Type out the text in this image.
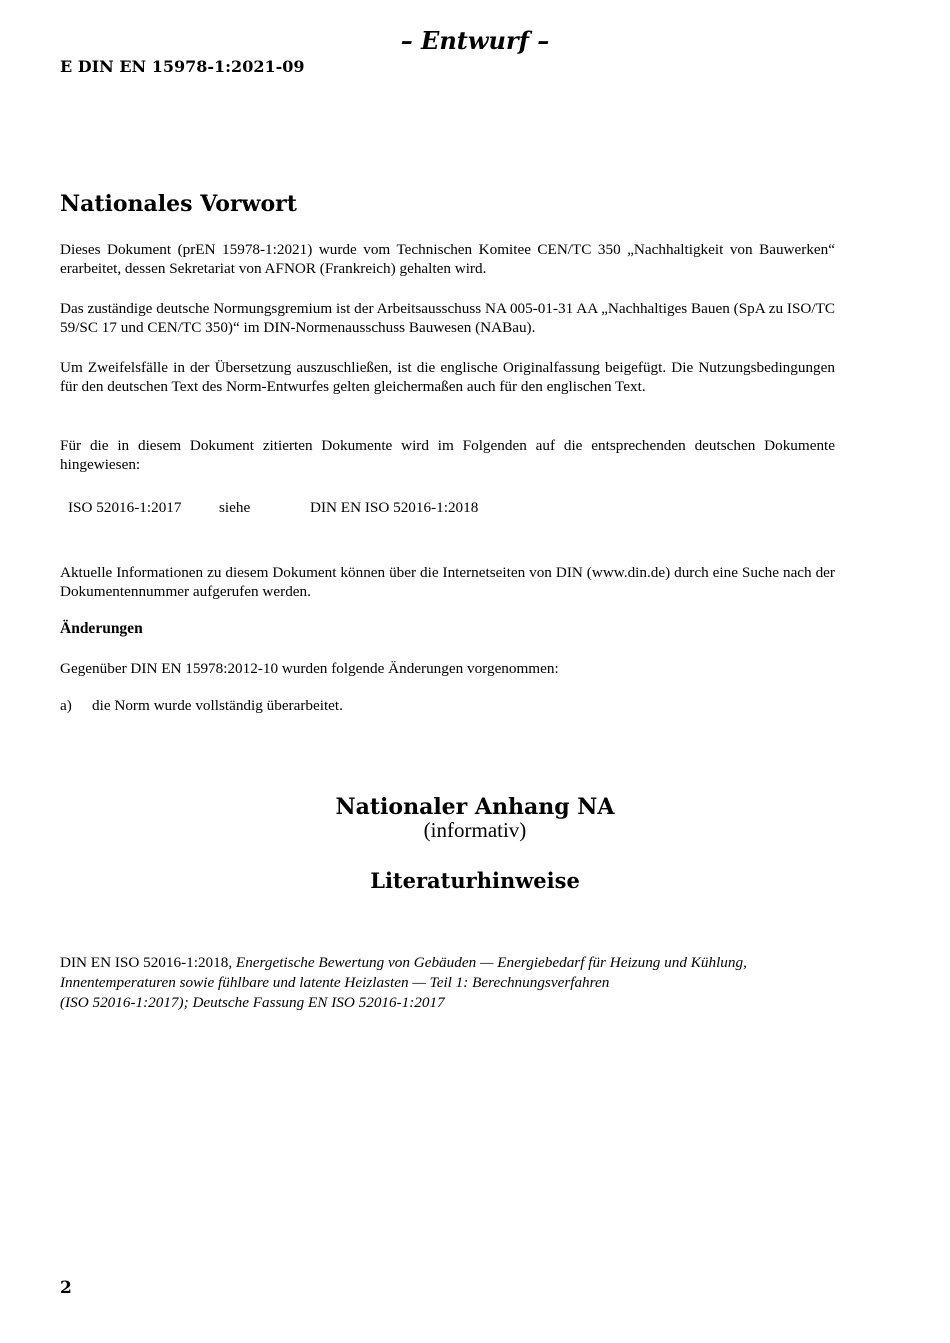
– Entwurf –
E DIN EN 15978-1:2021-09
Nationales Vorwort
Dieses Dokument (prEN 15978-1:2021) wurde vom Technischen Komitee CEN/TC 350 „Nachhaltigkeit von Bauwerken“ erarbeitet, dessen Sekretariat von AFNOR (Frankreich) gehalten wird.
Das zuständige deutsche Normungsgremium ist der Arbeitsausschuss NA 005-01-31 AA „Nachhaltiges Bauen (SpA zu ISO/TC 59/SC 17 und CEN/TC 350)“ im DIN-Normenausschuss Bauwesen (NABau).
Um Zweifelsfälle in der Übersetzung auszuschließen, ist die englische Originalfassung beigefügt. Die Nutzungsbedingungen für den deutschen Text des Norm-Entwurfes gelten gleichermaßen auch für den englischen Text.
Für die in diesem Dokument zitierten Dokumente wird im Folgenden auf die entsprechenden deutschen Dokumente hingewiesen:
ISO 52016-1:2017 siehe	DIN EN ISO 52016-1:2018
Aktuelle Informationen zu diesem Dokument können über die Internetseiten von DIN (www.din.de) durch eine Suche nach der Dokumentennummer aufgerufen werden.
Änderungen
Gegenüber DIN EN 15978:2012-10 wurden folgende Änderungen vorgenommen:
a) die Norm wurde vollständig überarbeitet.
Nationaler Anhang NA
(informativ)
Literaturhinweise
DIN EN ISO 52016-1:2018, Energetische Bewertung von Gebäuden — Energiebedarf für Heizung und Kühlung,
Innentemperaturen sowie fühlbare und latente Heizlasten — Teil 1: Berechnungsverfahren
(ISO 52016-1:2017); Deutsche Fassung EN ISO 52016-1:2017
2
